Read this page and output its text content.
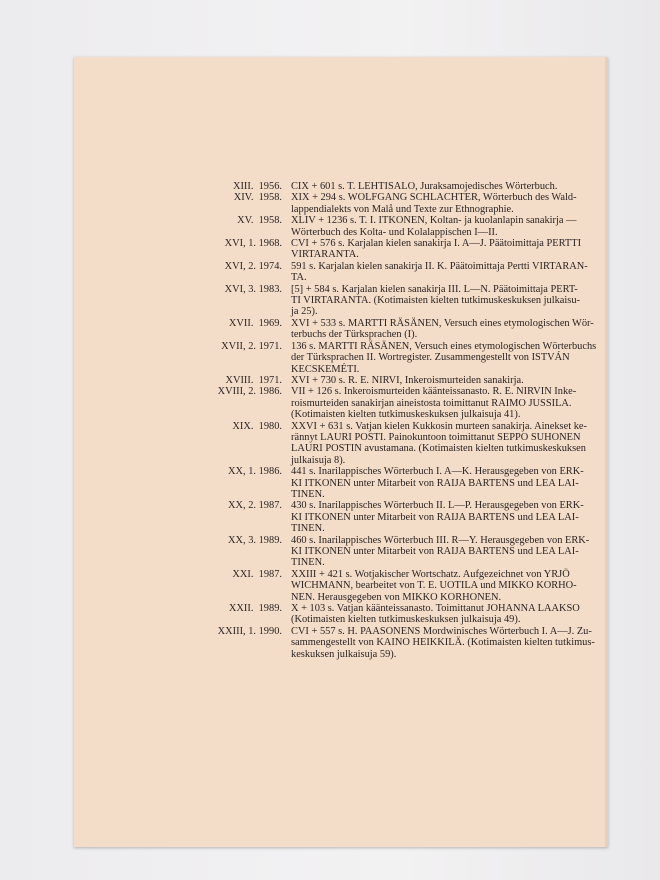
XIII.  1956. CIX + 601 s. T. LEHTISALO, Juraksamojedisches Wörterbuch.
XIV.  1958. XIX + 294 s. WOLFGANG SCHLACHTER, Wörterbuch des Wald-
lappendialekts von Malå und Texte zur Ethnographie.
XV.  1958. XLIV + 1236 s. T. I. ITKONEN, Koltan- ja kuolanlapin sanakirja —
Wörterbuch des Kolta- und Kolalappischen I—II.
XVI, 1. 1968. CVI + 576 s. Karjalan kielen sanakirja I. A—J. Päätoimittaja PERTTI
VIRTARANTA.
XVI, 2. 1974. 591 s. Karjalan kielen sanakirja II. K. Päätoimittaja Pertti VIRTARAN-
TA.
XVI, 3. 1983. [5] + 584 s. Karjalan kielen sanakirja III. L—N. Päätoimittaja PERT-
TI VIRTARANTA. (Kotimaisten kielten tutkimuskeskuksen julkaisu-
ja 25).
XVII.  1969. XVI + 533 s. MARTTI RÄSÄNEN, Versuch eines etymologischen Wör-
terbuchs der Türksprachen (I).
XVII, 2. 1971. 136 s. MARTTI RÄSÄNEN, Versuch eines etymologischen Wörterbuchs
der Türksprachen II. Wortregister. Zusammengestellt von ISTVÁN
KECSKEMÉTI.
XVIII.  1971. XVI + 730 s. R. E. NIRVI, Inkeroismurteiden sanakirja.
XVIII, 2. 1986. VII + 126 s. Inkeroismurteiden käänteissanasto. R. E. NIRVIN Inke-
roismurteiden sanakirjan aineistosta toimittanut RAIMO JUSSILA.
(Kotimaisten kielten tutkimuskeskuksen julkaisuja 41).
XIX.  1980. XXVI + 631 s. Vatjan kielen Kukkosin murteen sanakirja. Ainekset ke-
rännyt LAURI POSTI. Painokuntoon toimittanut SEPPO SUHONEN
LAURI POSTIN avustamana. (Kotimaisten kielten tutkimuskeskuksen
julkaisuja 8).
XX, 1. 1986. 441 s. Inarilappisches Wörterbuch I. A—K. Herausgegeben von ERK-
KI ITKONEN unter Mitarbeit von RAIJA BARTENS und LEA LAI-
TINEN.
XX, 2. 1987. 430 s. Inarilappisches Wörterbuch II. L—P. Herausgegeben von ERK-
KI ITKONEN unter Mitarbeit von RAIJA BARTENS und LEA LAI-
TINEN.
XX, 3. 1989. 460 s. Inarilappisches Wörterbuch III. R—Y. Herausgegeben von ERK-
KI ITKONEN unter Mitarbeit von RAIJA BARTENS und LEA LAI-
TINEN.
XXI.  1987. XXIII + 421 s. Wotjakischer Wortschatz. Aufgezeichnet von YRJÖ
WICHMANN, bearbeitet von T. E. UOTILA und MIKKO KORHO-
NEN. Herausgegeben von MIKKO KORHONEN.
XXII.  1989. X + 103 s. Vatjan käänteissanasto. Toimittanut JOHANNA LAAKSO
(Kotimaisten kielten tutkimuskeskuksen julkaisuja 49).
XXIII, 1. 1990. CVI + 557 s. H. PAASONENS Mordwinisches Wörterbuch I. A—J. Zu-
sammengestellt von KAINO HEIKKILÄ. (Kotimaisten kielten tutkimus-
keskuksen julkaisuja 59).
